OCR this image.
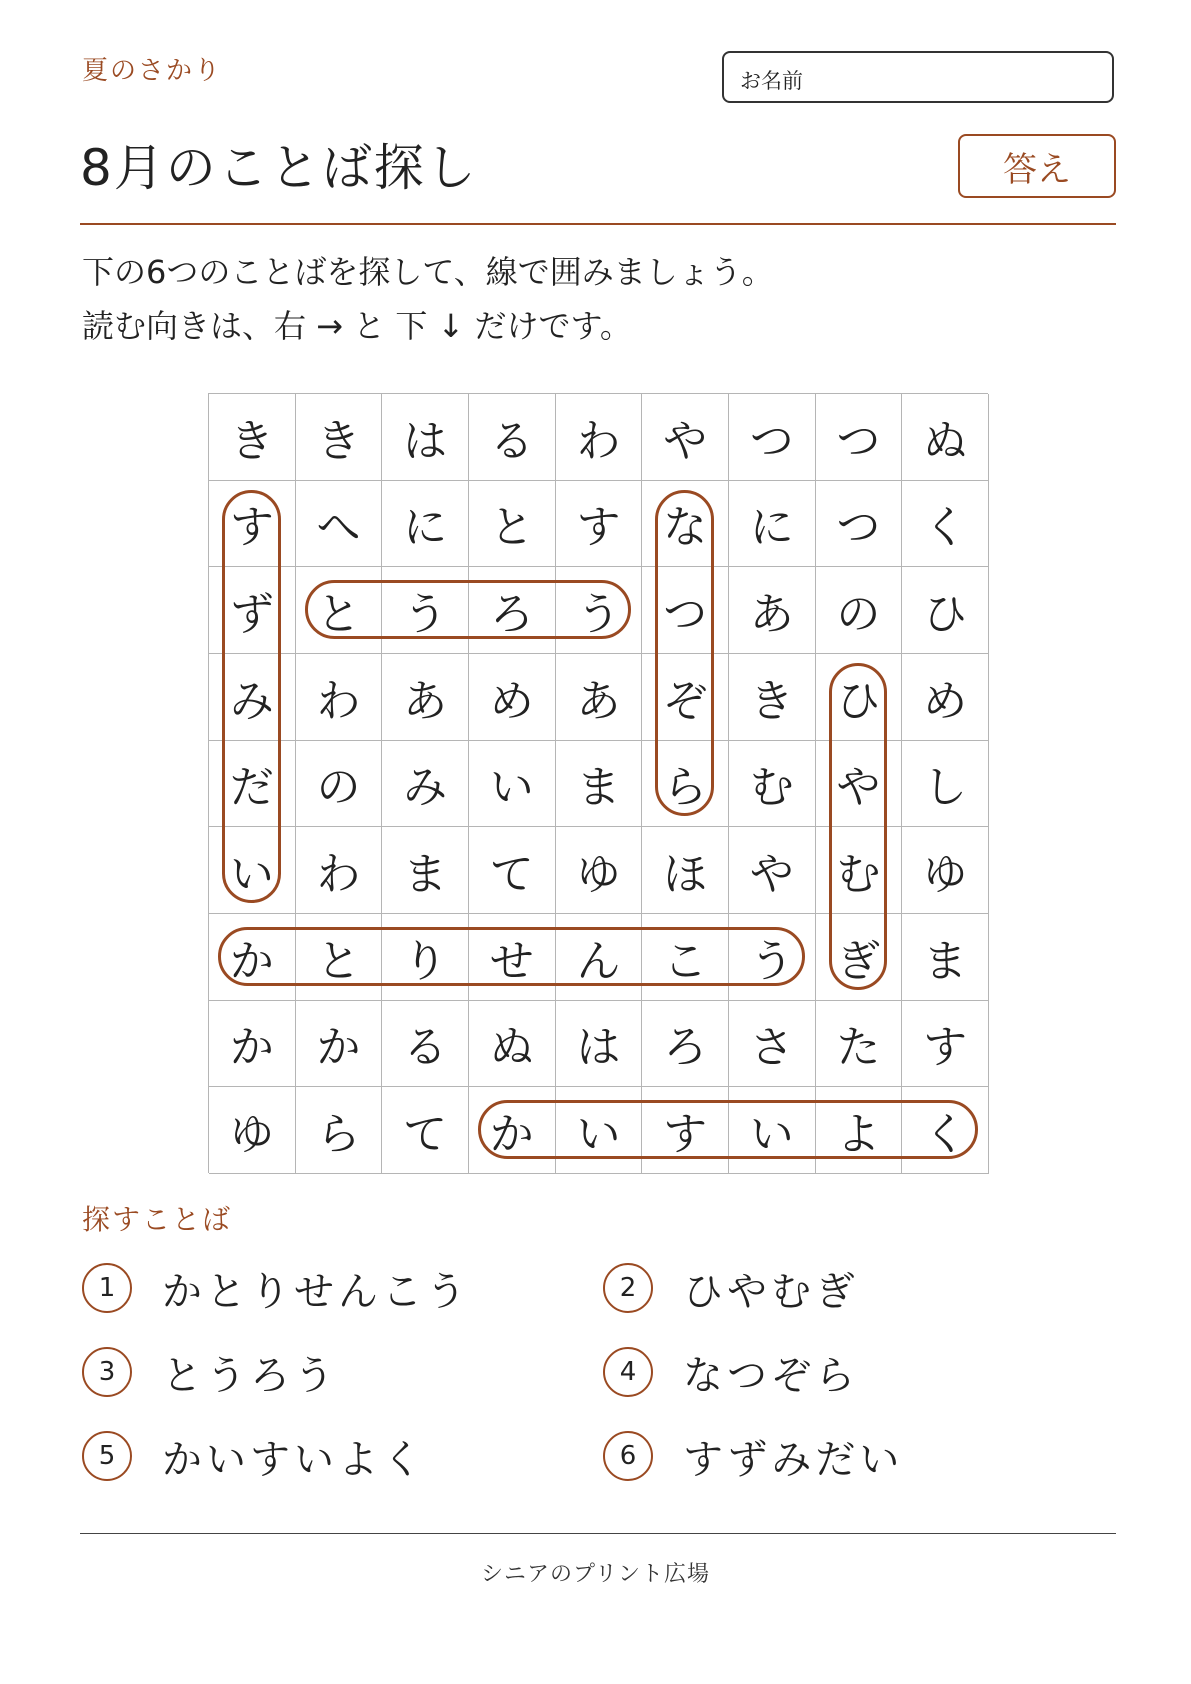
夏のさかり	お名前
8月のことば探し	答え
下の6つのことばを探して、線で囲みましょう。
読む向きは、右 → と 下 ↓ だけです。
き き は る わ や つ つ ぬ
す へ に と す な に つ く
ず と う ろ う つ あ の ひ
み わ あ め あ ぞ き ひ め
だ の み い ま ら む や し
い わ ま て ゆ ほ や む ゆ
か と り せ ん こ う ぎ ま
か か る ぬ は ろ さ た す
ゆ ら て か い す い よ く
探すことば
1	かとりせんこう	2	ひやむぎ
3	とうろう	4	なつぞら
5	かいすいよく	6	すずみだい
シニアのプリント広場
